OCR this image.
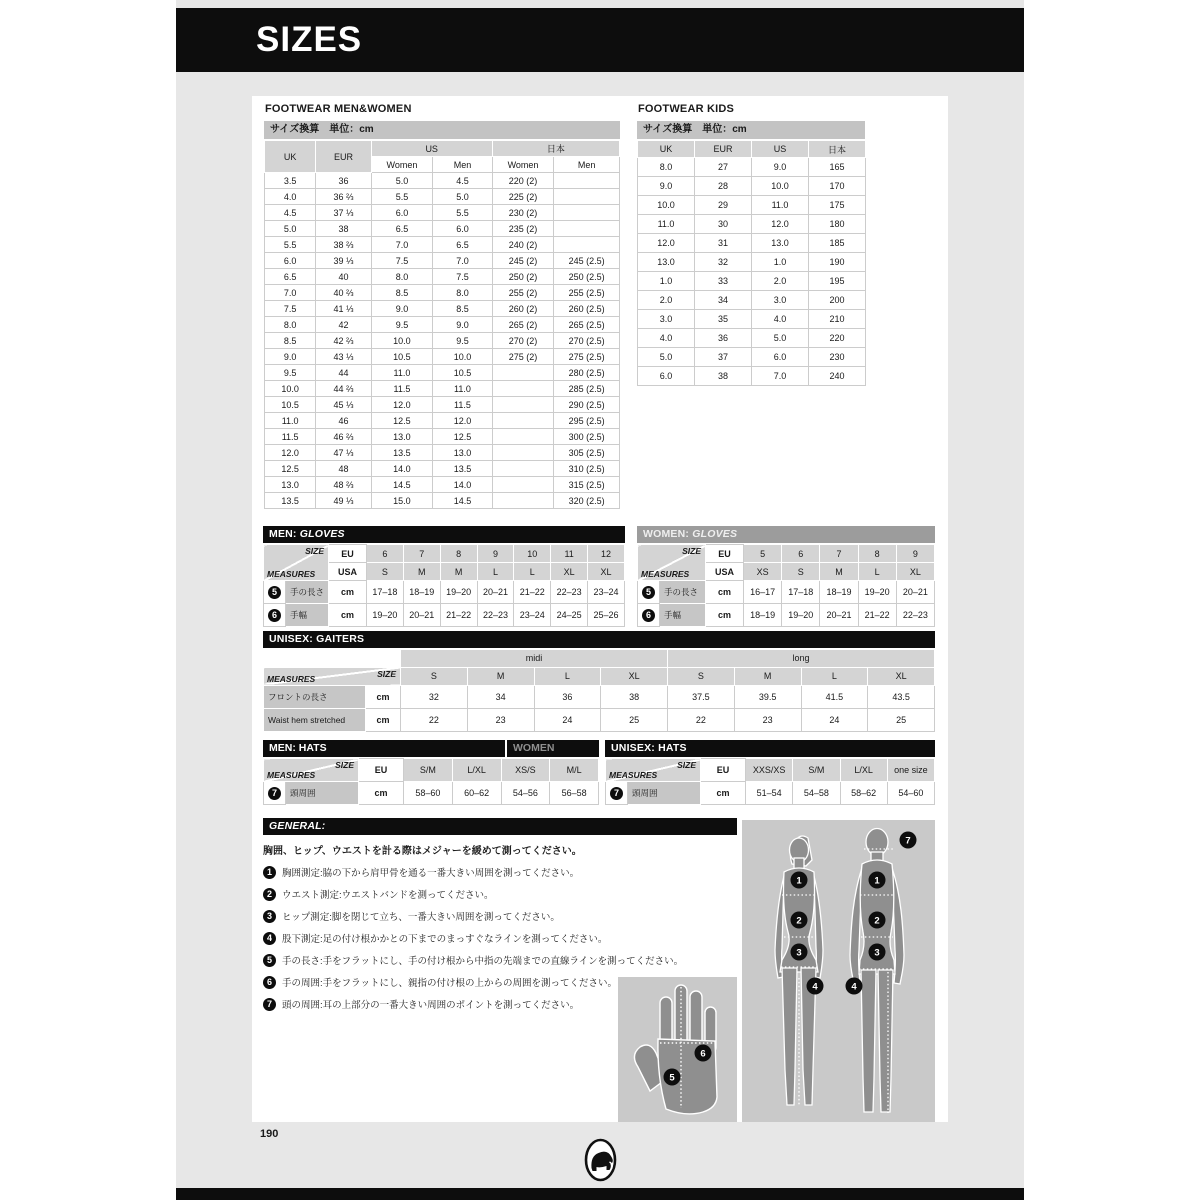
SIZES
FOOTWEAR MEN&WOMEN
サイズ換算　単位：cm
UK	EUR	US		日本	
		Women	Men	Women	Men
3.5	36	5.0	4.5	220 (2)	
4.0	36 ⅔	5.5	5.0	225 (2)	
4.5	37 ⅓	6.0	5.5	230 (2)	
5.0	38	6.5	6.0	235 (2)	
5.5	38 ⅔	7.0	6.5	240 (2)	
6.0	39 ⅓	7.5	7.0	245 (2)	245 (2.5)
6.5	40	8.0	7.5	250 (2)	250 (2.5)
7.0	40 ⅔	8.5	8.0	255 (2)	255 (2.5)
7.5	41 ⅓	9.0	8.5	260 (2)	260 (2.5)
8.0	42	9.5	9.0	265 (2)	265 (2.5)
8.5	42 ⅔	10.0	9.5	270 (2)	270 (2.5)
9.0	43 ⅓	10.5	10.0	275 (2)	275 (2.5)
9.5	44	11.0	10.5		280 (2.5)
10.0	44 ⅔	11.5	11.0		285 (2.5)
10.5	45 ⅓	12.0	11.5		290 (2.5)
11.0	46	12.5	12.0		295 (2.5)
11.5	46 ⅔	13.0	12.5		300 (2.5)
12.0	47 ⅓	13.5	13.0		305 (2.5)
12.5	48	14.0	13.5		310 (2.5)
13.0	48 ⅔	14.5	14.0		315 (2.5)
13.5	49 ⅓	15.0	14.5		320 (2.5)
FOOTWEAR KIDS
サイズ換算　単位：cm
UK	EUR	US	日本
8.0	27	9.0	165
9.0	28	10.0	170
10.0	29	11.0	175
11.0	30	12.0	180
12.0	31	13.0	185
13.0	32	1.0	190
1.0	33	2.0	195
2.0	34	3.0	200
3.0	35	4.0	210
4.0	36	5.0	220
5.0	37	6.0	230
6.0	38	7.0	240
MEN: GLOVES
SIZE
MEASURES		EU	6	7	8	9	10	11	12
		USA	S	M	M	L	L	XL	XL
5	手の長さ	cm	17–18	18–19	19–20	20–21	21–22	22–23	23–24
6	手幅	cm	19–20	20–21	21–22	22–23	23–24	24–25	25–26
WOMEN: GLOVES
SIZE
MEASURES		EU	5	6	7	8	9
		USA	XS	S	M	L	XL
5	手の長さ	cm	16–17	17–18	18–19	19–20	20–21
6	手幅	cm	18–19	19–20	20–21	21–22	22–23
UNISEX: GAITERS
		midi				long			

SIZE
MEASURES		S	M	L	XL	S	M	L	XL
フロントの長さ	cm	32	34	36	38	37.5	39.5	41.5	43.5
Waist hem stretched	cm	22	23	24	25	22	23	24	25
MEN: HATS	WOMEN
SIZE
MEASURES		EU	S/M	L/XL	XS/S	M/L
7	頭周囲	cm	58–60	60–62	54–56	56–58
UNISEX: HATS
SIZE
MEASURES		EU	XXS/XS	S/M	L/XL	one size
7	頭周囲	cm	51–54	54–58	58–62	54–60
GENERAL:
胸囲、ヒップ、ウエストを計る際はメジャーを緩めて測ってください。
1	胸囲測定:脇の下から肩甲骨を通る一番大きい周囲を測ってください。
2	ウエスト測定:ウエストバンドを測ってください。
3	ヒップ測定:脚を閉じて立ち、一番大きい周囲を測ってください。
4	股下測定:足の付け根かかとの下までのまっすぐなラインを測ってください。
5	手の長さ:手をフラットにし、手の付け根から中指の先端までの直線ラインを測ってください。
6	手の周囲:手をフラットにし、親指の付け根の上からの周囲を測ってください。
7	頭の周囲:耳の上部分の一番大きい周囲のポイントを測ってください。
5
6
7
1	1
2	2
3	3
4	4
190
